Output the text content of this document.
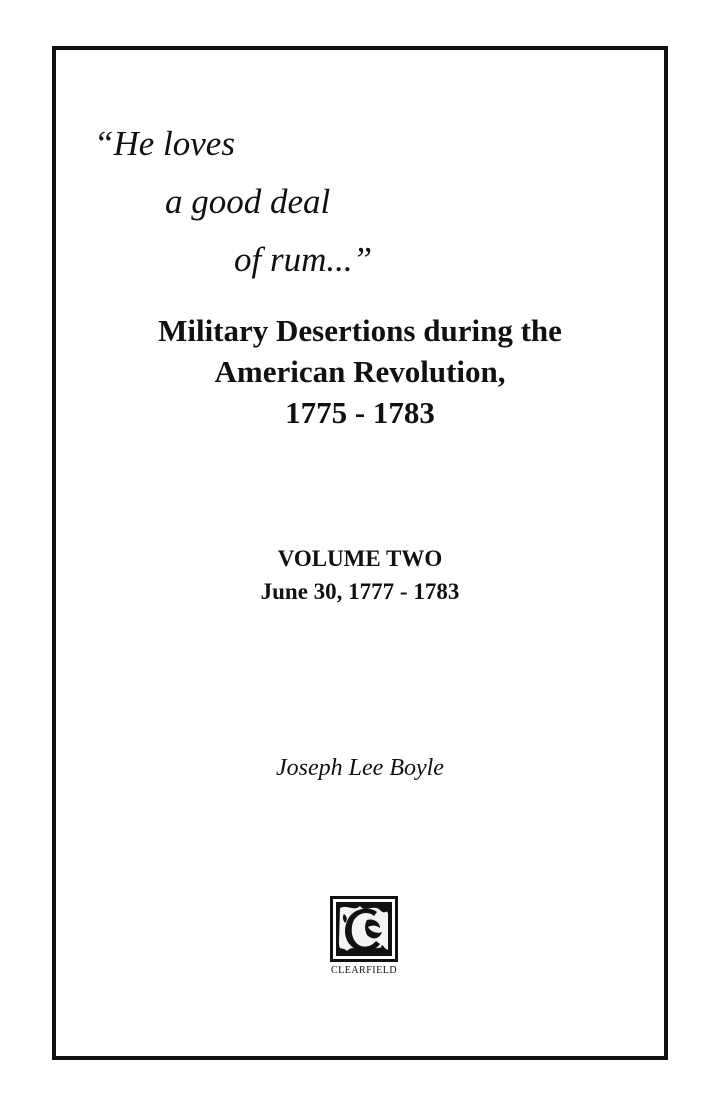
“He loves
a good deal
of rum...”
Military Desertions during the
American Revolution,
1775 - 1783
VOLUME TWO
June 30, 1777 - 1783
Joseph Lee Boyle
CLEARFIELD
